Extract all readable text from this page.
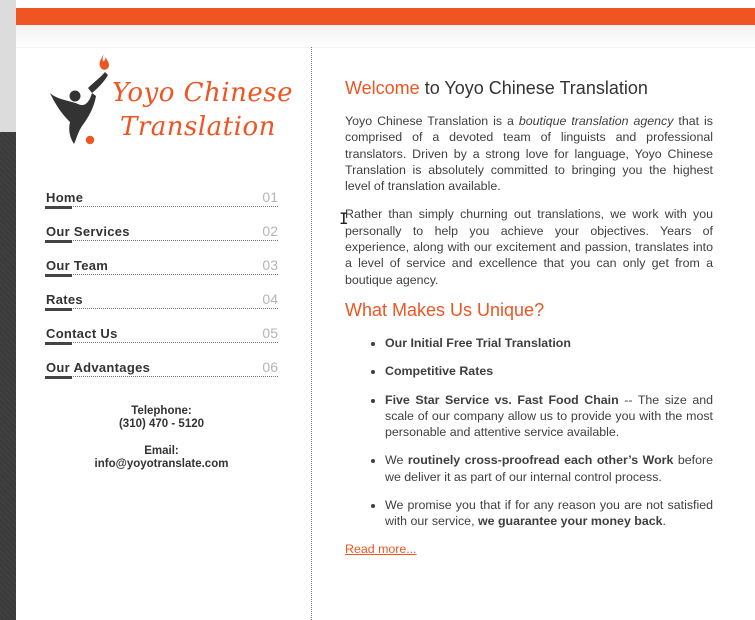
Yoyo Chinese
Translation
Home	01
Our Services	02
Our Team	03
Rates	04
Contact Us	05
Our Advantages	06
Telephone:
(310) 470 - 5120
Email:
info@yoyotranslate.com
Welcome to Yoyo Chinese Translation

Yoyo Chinese Translation is a boutique translation agency that is comprised of a devoted team of linguists and professional translators. Driven by a strong love for language, Yoyo Chinese Translation is absolutely committed to bringing you the highest level of translation available.

Rather than simply churning out translations, we work with you personally to help you achieve your objectives. Years of experience, along with our excitement and passion, translates into a level of service and excellence that you can only get from a boutique agency.

What Makes Us Unique?
• Our Initial Free Trial Translation
• Competitive Rates
• Five Star Service vs. Fast Food Chain -- The size and scale of our company allow us to provide you with the most personable and attentive service available.
• We routinely cross-proofread each other’s Work before we deliver it as part of our internal control process.
• We promise you that if for any reason you are not satisfied with our service, we guarantee your money back.
Read more...
I
